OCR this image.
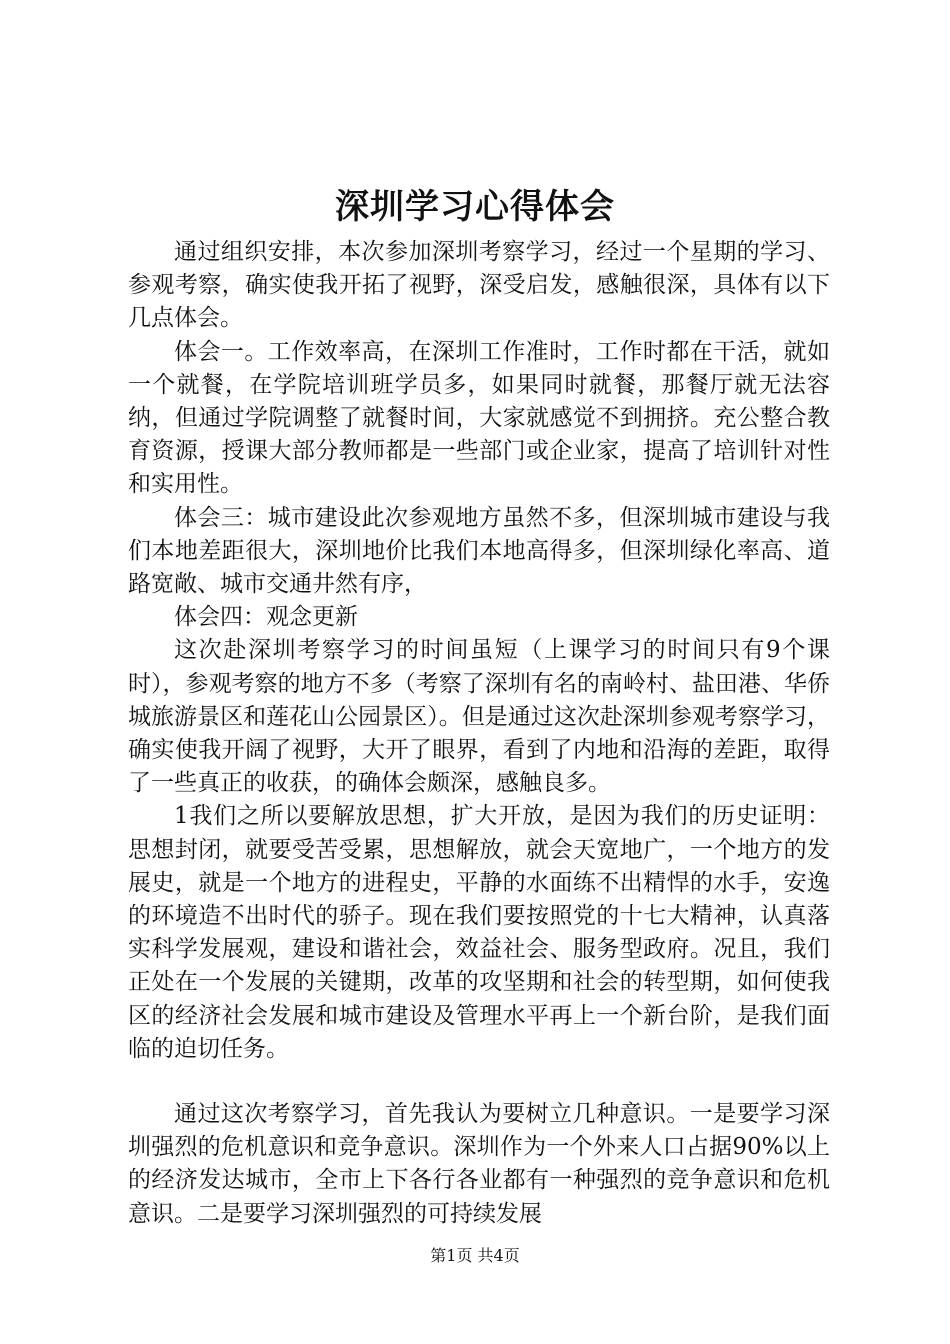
深圳学习心得体会

通过组织安排，本次参加深圳考察学习，经过一个星期的学习、参观考察，确实使我开拓了视野，深受启发，感触很深，具体有以下几点体会。

体会一。工作效率高，在深圳工作准时，工作时都在干活，就如一个就餐，在学院培训班学员多，如果同时就餐，那餐厅就无法容纳，但通过学院调整了就餐时间，大家就感觉不到拥挤。充公整合教育资源，授课大部分教师都是一些部门或企业家，提高了培训针对性和实用性。

体会三：城市建设此次参观地方虽然不多，但深圳城市建设与我们本地差距很大，深圳地价比我们本地高得多，但深圳绿化率高、道路宽敞、城市交通井然有序，

体会四：观念更新

这次赴深圳考察学习的时间虽短（上课学习的时间只有9个课时），参观考察的地方不多（考察了深圳有名的南岭村、盐田港、华侨城旅游景区和莲花山公园景区）。但是通过这次赴深圳参观考察学习，确实使我开阔了视野，大开了眼界，看到了内地和沿海的差距，取得了一些真正的收获，的确体会颇深，感触良多。

1我们之所以要解放思想，扩大开放，是因为我们的历史证明：思想封闭，就要受苦受累，思想解放，就会天宽地广，一个地方的发展史，就是一个地方的进程史，平静的水面练不出精悍的水手，安逸的环境造不出时代的骄子。现在我们要按照党的十七大精神，认真落实科学发展观，建设和谐社会，效益社会、服务型政府。况且，我们正处在一个发展的关键期，改革的攻坚期和社会的转型期，如何使我区的经济社会发展和城市建设及管理水平再上一个新台阶，是我们面临的迫切任务。

通过这次考察学习，首先我认为要树立几种意识。一是要学习深圳强烈的危机意识和竞争意识。深圳作为一个外来人口占据90%以上的经济发达城市，全市上下各行各业都有一种强烈的竞争意识和危机意识。二是要学习深圳强烈的可持续发展

第1页 共4页
